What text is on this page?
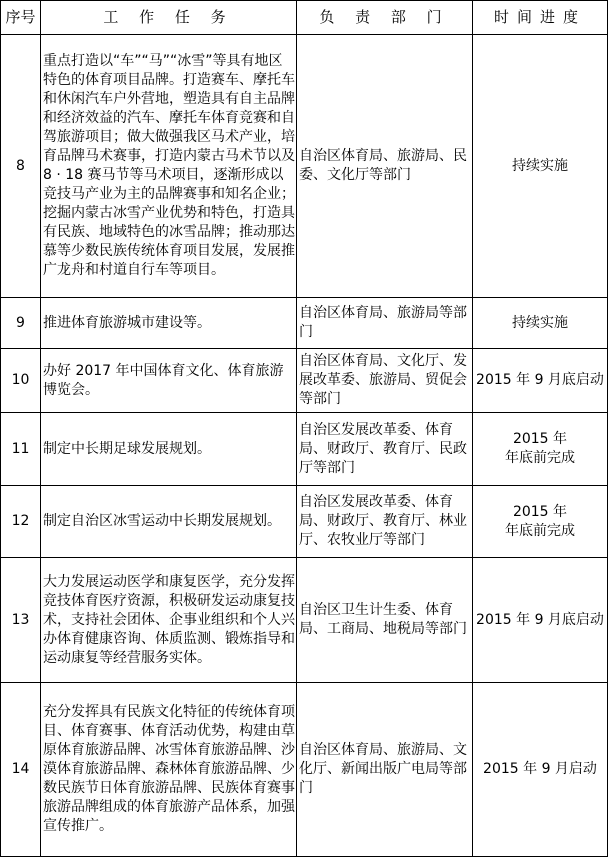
序号	工 作 任 务	负 责 部 门	时间进度
8	重点打造以“车”“马”“冰雪”等具有地区特色的体育项目品牌。打造赛车、摩托车和休闲汽车户外营地，塑造具有自主品牌和经济效益的汽车、摩托车体育竞赛和自驾旅游项目；做大做强我区马术产业，培育品牌马术赛事，打造内蒙古马术节以及 8 · 18 赛马节等马术项目，逐渐形成以竞技马产业为主的品牌赛事和知名企业；挖掘内蒙古冰雪产业优势和特色，打造具有民族、地域特色的冰雪品牌；推动那达慕等少数民族传统体育项目发展，发展推广龙舟和村道自行车等项目。	自治区体育局、旅游局、民委、文化厅等部门	持续实施
9	推进体育旅游城市建设等。	自治区体育局、旅游局等部门	持续实施
10	办好 2017 年中国体育文化、体育旅游博览会。	自治区体育局、文化厅、发展改革委、旅游局、贸促会等部门	2015 年 9 月底启动
11	制定中长期足球发展规划。	自治区发展改革委、体育局、财政厅、教育厅、民政厅等部门	2015 年
年底前完成
12	制定自治区冰雪运动中长期发展规划。	自治区发展改革委、体育局、财政厅、教育厅、林业厅、农牧业厅等部门	2015 年
年底前完成
13	大力发展运动医学和康复医学，充分发挥竞技体育医疗资源，积极研发运动康复技术，支持社会团体、企事业组织和个人兴办体育健康咨询、体质监测、锻炼指导和运动康复等经营服务实体。	自治区卫生计生委、体育局、工商局、地税局等部门	2015 年 9 月底启动
14	充分发挥具有民族文化特征的传统体育项目、体育赛事、体育活动优势，构建由草原体育旅游品牌、冰雪体育旅游品牌、沙漠体育旅游品牌、森林体育旅游品牌、少数民族节日体育旅游品牌、民族体育赛事旅游品牌组成的体育旅游产品体系，加强宣传推广。	自治区体育局、旅游局、文化厅、新闻出版广电局等部门	2015 年 9 月启动
